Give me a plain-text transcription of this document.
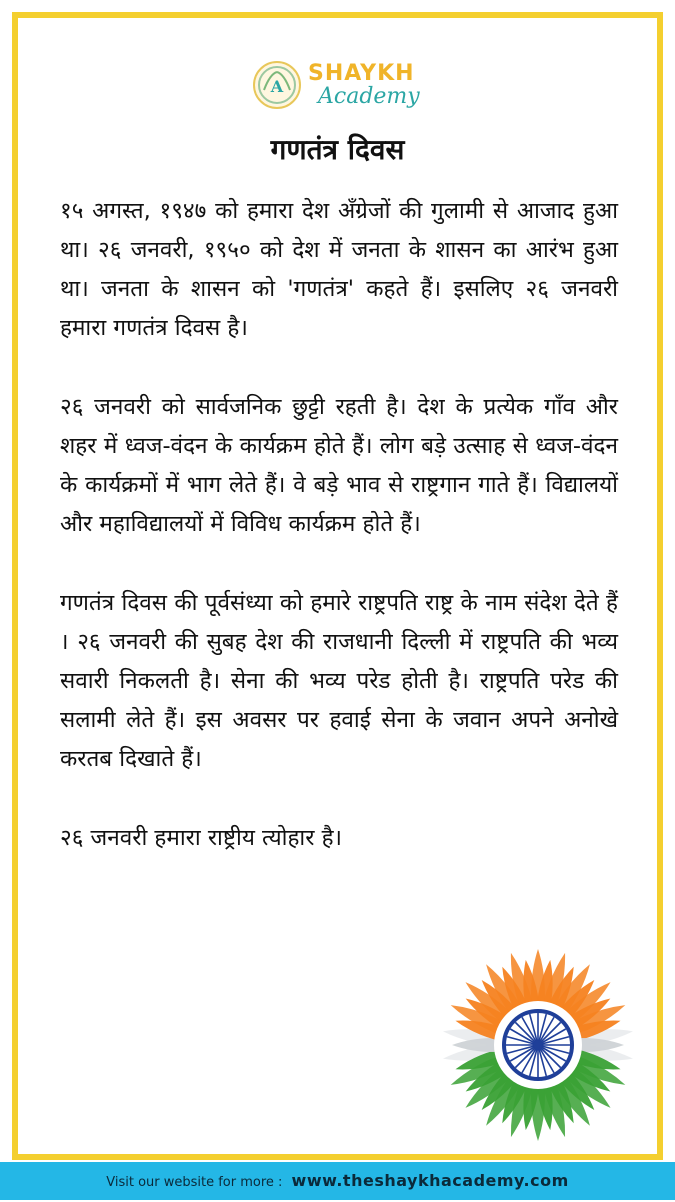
A
SHAYKH
Academy
गणतंत्र दिवस

१५ अगस्त, १९४७ को हमारा देश अँग्रेजों की गुलामी से आजाद हुआ था। २६ जनवरी, १९५० को देश में जनता के शासन का आरंभ हुआ था। जनता के शासन को 'गणतंत्र' कहते हैं। इसलिए २६ जनवरी हमारा गणतंत्र दिवस है।

२६ जनवरी को सार्वजनिक छुट्टी रहती है। देश के प्रत्येक गाँव और शहर में ध्वज-वंदन के कार्यक्रम होते हैं। लोग बड़े उत्साह से ध्वज-वंदन के कार्यक्रमों में भाग लेते हैं। वे बड़े भाव से राष्ट्रगान गाते हैं। विद्यालयों और महाविद्यालयों में विविध कार्यक्रम होते हैं।

गणतंत्र दिवस की पूर्वसंध्या को हमारे राष्ट्रपति राष्ट्र के नाम संदेश देते हैं । २६ जनवरी की सुबह देश की राजधानी दिल्ली में राष्ट्रपति की भव्य सवारी निकलती है। सेना की भव्य परेड होती है। राष्ट्रपति परेड की सलामी लेते हैं। इस अवसर पर हवाई सेना के जवान अपने अनोखे करतब दिखाते हैं।

२६ जनवरी हमारा राष्ट्रीय त्योहार है।

Visit our website for more : www.theshaykhacademy.com
